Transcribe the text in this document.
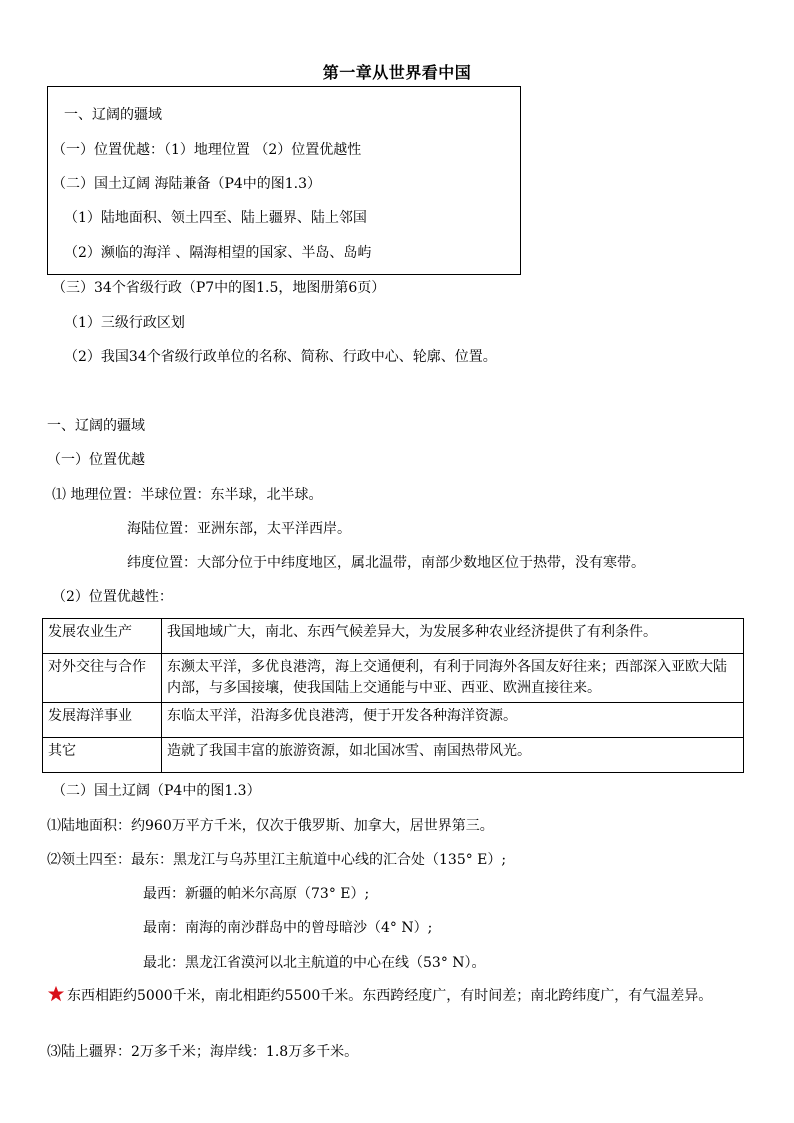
第一章从世界看中国
一、辽阔的疆域
（一）位置优越：（1）地理位置 （2）位置优越性
（二）国土辽阔 海陆兼备（P4中的图1.3）
（1）陆地面积、领土四至、陆上疆界、陆上邻国
（2）濒临的海洋 、隔海相望的国家、半岛、岛屿
（三）34个省级行政（P7中的图1.5，地图册第6页）
（1）三级行政区划
（2）我国34个省级行政单位的名称、简称、行政中心、轮廓、位置。
一、辽阔的疆域
（一）位置优越
⑴ 地理位置：半球位置：东半球，北半球。
海陆位置：亚洲东部，太平洋西岸。
纬度位置：大部分位于中纬度地区，属北温带，南部少数地区位于热带，没有寒带。
（2）位置优越性：
发展农业生产	我国地域广大，南北、东西气候差异大，为发展多种农业经济提供了有利条件。
对外交往与合作	东濒太平洋，多优良港湾，海上交通便利，有利于同海外各国友好往来；西部深入亚欧大陆内部，与多国接壤，使我国陆上交通能与中亚、西亚、欧洲直接往来。
发展海洋事业	东临太平洋，沿海多优良港湾，便于开发各种海洋资源。
其它	造就了我国丰富的旅游资源，如北国冰雪、南国热带风光。
（二）国土辽阔（P4中的图1.3）
⑴陆地面积：约960万平方千米，仅次于俄罗斯、加拿大，居世界第三。
⑵领土四至：最东：黑龙江与乌苏里江主航道中心线的汇合处（135° E）;
最西：新疆的帕米尔高原（73° E）;
最南：南海的南沙群岛中的曾母暗沙（4° N）;
最北：黑龙江省漠河以北主航道的中心在线（53° N）。
东西相距约5000千米，南北相距约5500千米。东西跨经度广，有时间差；南北跨纬度广，有气温差异。
⑶陆上疆界：2万多千米；海岸线：1.8万多千米。
